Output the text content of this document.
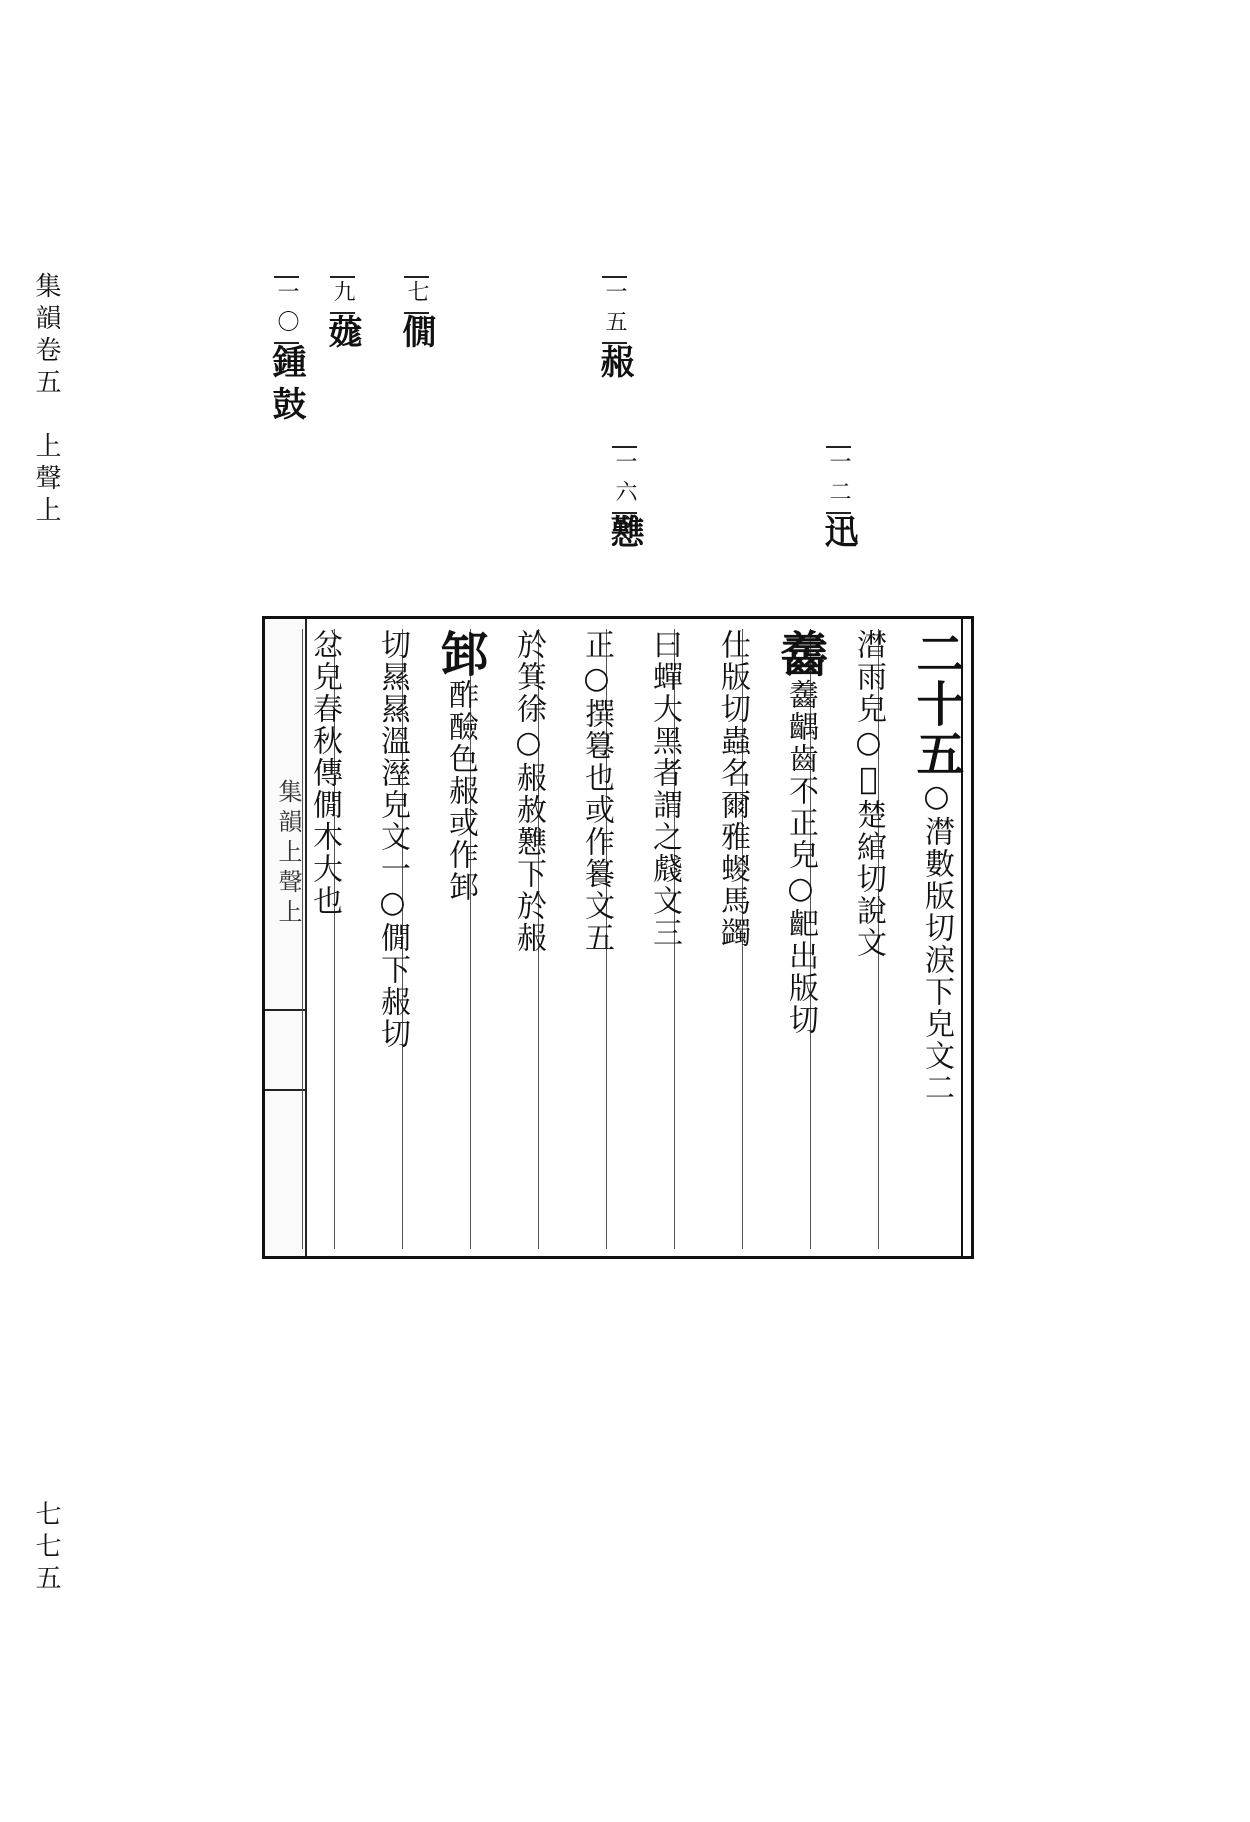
集韻卷五　上聲上
七七五
七僩
九䓼
一〇鍾鼓
一五赧
一六戁
一二迅
集韻上聲上
二十五○潸數版切淚下皃文二
澘雨皃○𩥕楚綰切說文
齹齹齵齒不正皃○䶕出版切
仕版切蟲名爾雅蝬馬蠲
曰蟬大黑者謂之虥文三
正○撰篹也或作籑文五
於箕徐○赧赦戁下於赧
䣃酢醶色赧或作䣃
切㬎㬎溫溼皃文一○僩下赧切
忿皃春秋傳僩木大也
